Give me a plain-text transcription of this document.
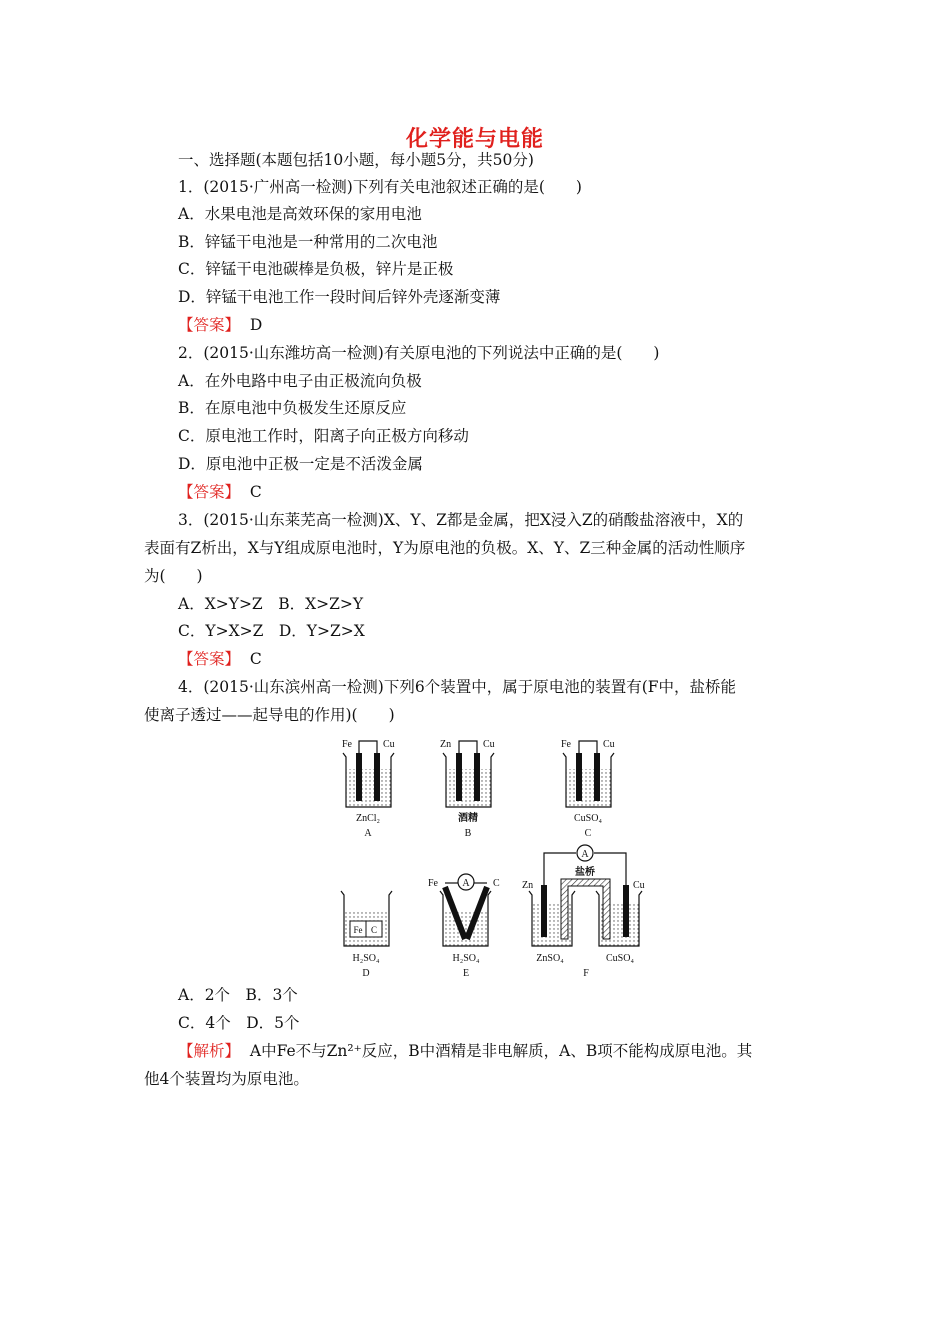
化学能与电能
一、选择题(本题包括10小题，每小题5分，共50分)
1．(2015·广州高一检测)下列有关电池叙述正确的是(　　)
A．水果电池是高效环保的家用电池
B．锌锰干电池是一种常用的二次电池
C．锌锰干电池碳棒是负极，锌片是正极
D．锌锰干电池工作一段时间后锌外壳逐渐变薄
【答案】 D
2．(2015·山东潍坊高一检测)有关原电池的下列说法中正确的是(　　)
A．在外电路中电子由正极流向负极
B．在原电池中负极发生还原反应
C．原电池工作时，阳离子向正极方向移动
D．原电池中正极一定是不活泼金属
【答案】 C
3．(2015·山东莱芜高一检测)X、Y、Z都是金属，把X浸入Z的硝酸盐溶液中，X的
表面有Z析出，X与Y组成原电池时，Y为原电池的负极。X、Y、Z三种金属的活动性顺序
为(　　)
A．X>Y>Z　B．X>Z>Y
C．Y>X>Z　D．Y>Z>X
【答案】 C
4．(2015·山东滨州高一检测)下列6个装置中，属于原电池的装置有(F中，盐桥能
使离子透过——起导电的作用)(　　)
Fe	Cu
ZnCl₂
A
Zn	Cu
酒精
B
Fe	Cu
CuSO₄
C
Fe C
H₂SO₄
D
A
Fe	C
H₂SO₄
E
A
盐桥
Zn	Cu
ZnSO₄	CuSO₄
F
A．2个　B．3个
C．4个　D．5个
【解析】 A中Fe不与Zn²⁺反应，B中酒精是非电解质，A、B项不能构成原电池。其
他4个装置均为原电池。
